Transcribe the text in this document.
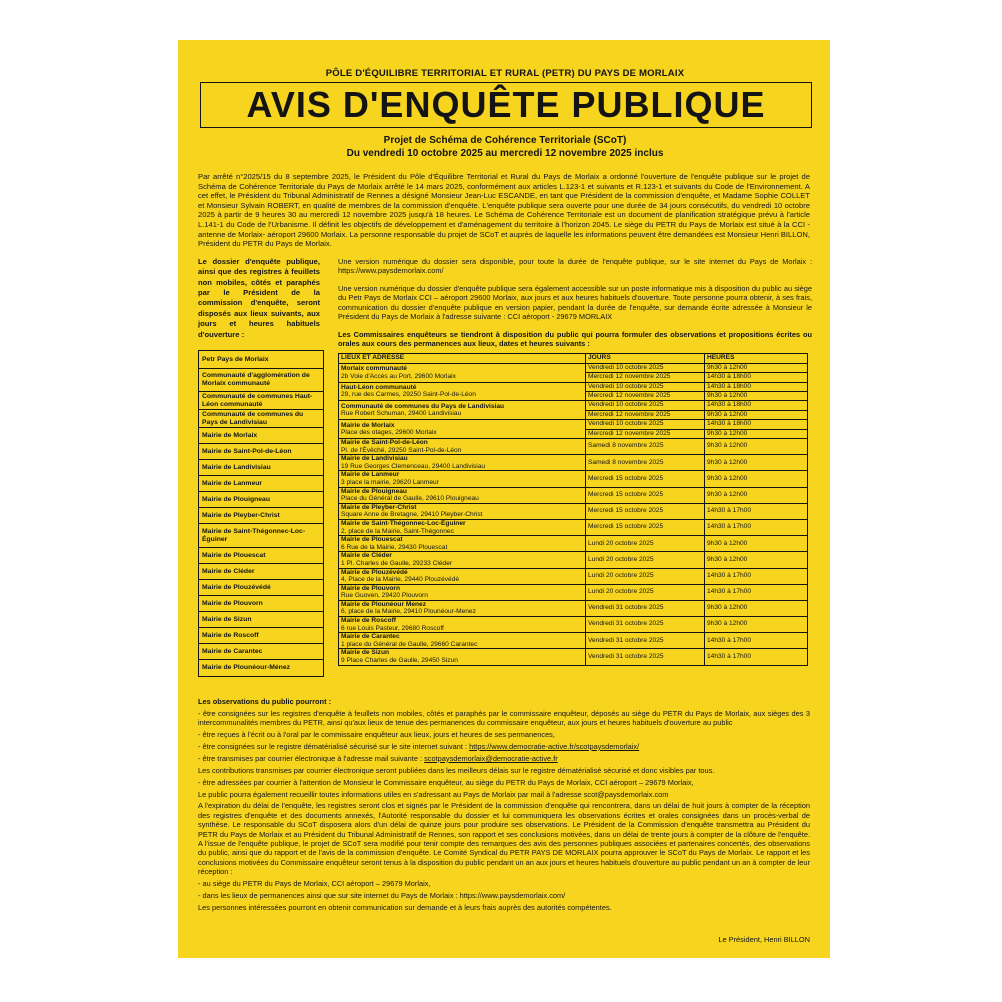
PÔLE D'ÉQUILIBRE TERRITORIAL ET RURAL (PETR) DU PAYS DE MORLAIX
AVIS D'ENQUÊTE PUBLIQUE
Projet de Schéma de Cohérence Territoriale (SCoT)
Du vendredi 10 octobre 2025 au mercredi 12 novembre 2025 inclus
Par arrêté n°2025/15 du 8 septembre 2025, le Président du Pôle d'Équilibre Territorial et Rural du Pays de Morlaix a ordonné l'ouverture de l'enquête publique sur le projet de Schéma de Cohérence Territoriale du Pays de Morlaix arrêté le 14 mars 2025, conformément aux articles L.123-1 et suivants et R.123-1 et suivants du Code de l'Environnement. A cet effet, le Président du Tribunal Administratif de Rennes a désigné Monsieur Jean-Luc ESCANDE, en tant que Président de la commission d'enquête, et Madame Sophie COLLET et Monsieur Sylvain ROBERT, en qualité de membres de la commission d'enquête. L'enquête publique sera ouverte pour une durée de 34 jours consécutifs, du vendredi 10 octobre 2025 à partir de 9 heures 30 au mercredi 12 novembre 2025 jusqu'à 18 heures. Le Schéma de Cohérence Territoriale est un document de planification stratégique prévu à l'article L.141-1 du Code de l'Urbanisme. Il définit les objectifs de développement et d'aménagement du territoire à l'horizon 2045. Le siège du PETR du Pays de Morlaix est situé à la CCI -antenne de Morlaix- aéroport 29600 Morlaix. La personne responsable du projet de SCoT et auprès de laquelle les informations peuvent être demandées est Monsieur Henri BILLON, Président du PETR du Pays de Morlaix.
Le dossier d'enquête publique, ainsi que des registres à feuillets non mobiles, côtés et paraphés par le Président de la commission d'enquête, seront disposés aux lieux suivants, aux jours et heures habituels d'ouverture :
Petr Pays de Morlaix
Communauté d'agglomération de Morlaix communauté
Communauté de communes Haut-Léon communauté
Communauté de communes du Pays de Landivisiau
Mairie de Morlaix
Mairie de Saint-Pol-de-Léon
Mairie de Landivisiau
Mairie de Lanmeur
Mairie de Plouigneau
Mairie de Pleyber-Christ
Mairie de Saint-Thégonnec-Loc-Éguiner
Mairie de Plouescat
Mairie de Cléder
Mairie de Plouzévédé
Mairie de Plouvorn
Mairie de Sizun
Mairie de Roscoff
Mairie de Carantec
Mairie de Plounéour-Ménez
Une version numérique du dossier sera disponible, pour toute la durée de l'enquête publique, sur le site internet du Pays de Morlaix : https://www.paysdemorlaix.com/
Une version numérique du dossier d'enquête publique sera également accessible sur un poste informatique mis à disposition du public au siège du Petr Pays de Morlaix CCI – aéroport 29600 Morlaix, aux jours et aux heures habituels d'ouverture. Toute personne pourra obtenir, à ses frais, communication du dossier d'enquête publique en version papier, pendant la durée de l'enquête, sur demande écrite adressée à Monsieur le Président du Pays de Morlaix à l'adresse suivante : CCI aéroport - 29679 MORLAIX
Les Commissaires enquêteurs se tiendront à disposition du public qui pourra formuler des observations et propositions écrites ou orales aux cours des permanences aux lieux, dates et heures suivants :
LIEUX ET ADRESSE	JOURS	HEURES

Morlaix communauté
2b Voie d'Accès au Port, 29600 Morlaix	Vendredi 10 octobre 2025	9h30 à 12h00
	Mercredi 12 novembre 2025	14h30 à 18h00

Haut-Léon communauté
29, rue des Carmes, 29250 Saint-Pol-de-Léon	Vendredi 10 octobre 2025	14h30 à 18h00
	Mercredi 12 novembre 2025	9h30 à 12h00

Communauté de communes du Pays de Landivisiau
Rue Robert Schuman, 29400 Landivisiau	Vendredi 10 octobre 2025	14h30 à 18h00
	Mercredi 12 novembre 2025	9h30 à 12h00

Mairie de Morlaix
Place des otages, 29600 Morlaix	Vendredi 10 octobre 2025	14h30 à 18h00
	Mercredi 12 novembre 2025	9h30 à 12h00

Mairie de Saint-Pol-de-Léon
Pl. de l'Évêché, 29250 Saint-Pol-de-Léon	Samedi 8 novembre 2025	9h30 à 12h00

Mairie de Landivisiau
19 Rue Georges Clemenceau, 29400 Landivisiau	Samedi 8 novembre 2025	9h30 à 12h00

Mairie de Lanmeur
3 place la mairie, 29620 Lanmeur	Mercredi 15 octobre 2025	9h30 à 12h00

Mairie de Plouigneau
Place du Général de Gaulle, 29610 Plouigneau	Mercredi 15 octobre 2025	9h30 à 12h00

Mairie de Pleyber-Christ
Square Anne de Bretagne, 29410 Pleyber-Christ	Mercredi 15 octobre 2025	14h30 à 17h00

Mairie de Saint-Thégonnec-Loc-Éguiner
2, place de la Mairie, Saint-Thégonnec	Mercredi 15 octobre 2025	14h30 à 17h00

Mairie de Plouescat
6 Rue de la Mairie, 29430 Plouescat	Lundi 20 octobre 2025	9h30 à 12h00

Mairie de Cléder
1 Pl. Charles de Gaulle, 29233 Cléder	Lundi 20 octobre 2025	9h30 à 12h00

Mairie de Plouzévédé
4, Place de la Mairie, 29440 Plouzévédé	Lundi 20 octobre 2025	14h30 à 17h00

Mairie de Plouvorn
Rue Guoven, 29420 Plouvorn	Lundi 20 octobre 2025	14h30 à 17h00

Mairie de Plounéour Menez
6, place de la Mairie, 29410 Plounéour-Menez	Vendredi 31 octobre 2025	9h30 à 12h00

Mairie de Roscoff
6 rue Louis Pasteur, 29680 Roscoff	Vendredi 31 octobre 2025	9h30 à 12h00

Mairie de Carantec
1 place du Général de Gaulle, 29660 Carantec	Vendredi 31 octobre 2025	14h30 à 17h00

Mairie de Sizun
9 Place Charles de Gaulle, 29450 Sizun	Vendredi 31 octobre 2025	14h30 à 17h00

Les observations du public pourront :

- être consignées sur les registres d'enquête à feuillets non mobiles, côtés et paraphés par le commissaire enquêteur, déposés au siège du PETR du Pays de Morlaix, aux sièges des 3 intercommunalités membres du PETR, ainsi qu'aux lieux de tenue des permanences du commissaire enquêteur, aux jours et heures habituels d'ouverture au public

- être reçues à l'écrit ou à l'oral par le commissaire enquêteur aux lieux, jours et heures de ses permanences,

- être consignées sur le registre dématérialisé sécurisé sur le site internet suivant : https://www.democratie-active.fr/scotpaysdemorlaix/

- être transmises par courrier électronique à l'adresse mail suivante : scotpaysdemorlaix@democratie-active.fr

Les contributions transmises par courrier électronique seront publiées dans les meilleurs délais sur le registre dématérialisé sécurisé et donc visibles par tous.

- être adressées par courrier à l'attention de Monsieur le Commissaire enquêteur, au siège du PETR du Pays de Morlaix, CCI aéroport – 29679 Morlaix,

Le public pourra également recueillir toutes informations utiles en s'adressant au Pays de Morlaix par mail à l'adresse scot@paysdemorlaix.com

A l'expiration du délai de l'enquête, les registres seront clos et signés par le Président de la commission d'enquête qui rencontrera, dans un délai de huit jours à compter de la réception des registres d'enquête et des documents annexés, l'Autorité responsable du dossier et lui communiquera les observations écrites et orales consignées dans un procès-verbal de synthèse. Le responsable du SCoT disposera alors d'un délai de quinze jours pour produire ses observations. Le Président de la Commission d'enquête transmettra au Président du PETR du Pays de Morlaix et au Président du Tribunal Administratif de Rennes, son rapport et ses conclusions motivées, dans un délai de trente jours à compter de la clôture de l'enquête. A l'issue de l'enquête publique, le projet de SCoT sera modifié pour tenir compte des remarques des avis des personnes publiques associées et partenaires concertés, des observations du public, ainsi que du rapport et de l'avis de la commission d'enquête. Le Comité Syndical du PETR PAYS DE MORLAIX pourra approuver le SCoT du Pays de Morlaix. Le rapport et les conclusions motivées du Commissaire enquêteur seront tenus à la disposition du public pendant un an aux jours et heures habituels d'ouverture au public pendant un an à compter de leur réception :

- au siège du PETR du Pays de Morlaix, CCI aéroport – 29679 Morlaix,

- dans les lieux de permanences ainsi que sur site internet du Pays de Morlaix : https://www.paysdemorlaix.com/

Les personnes intéressées pourront en obtenir communication sur demande et à leurs frais auprès des autorités compétentes.

Le Président, Henri BILLON
